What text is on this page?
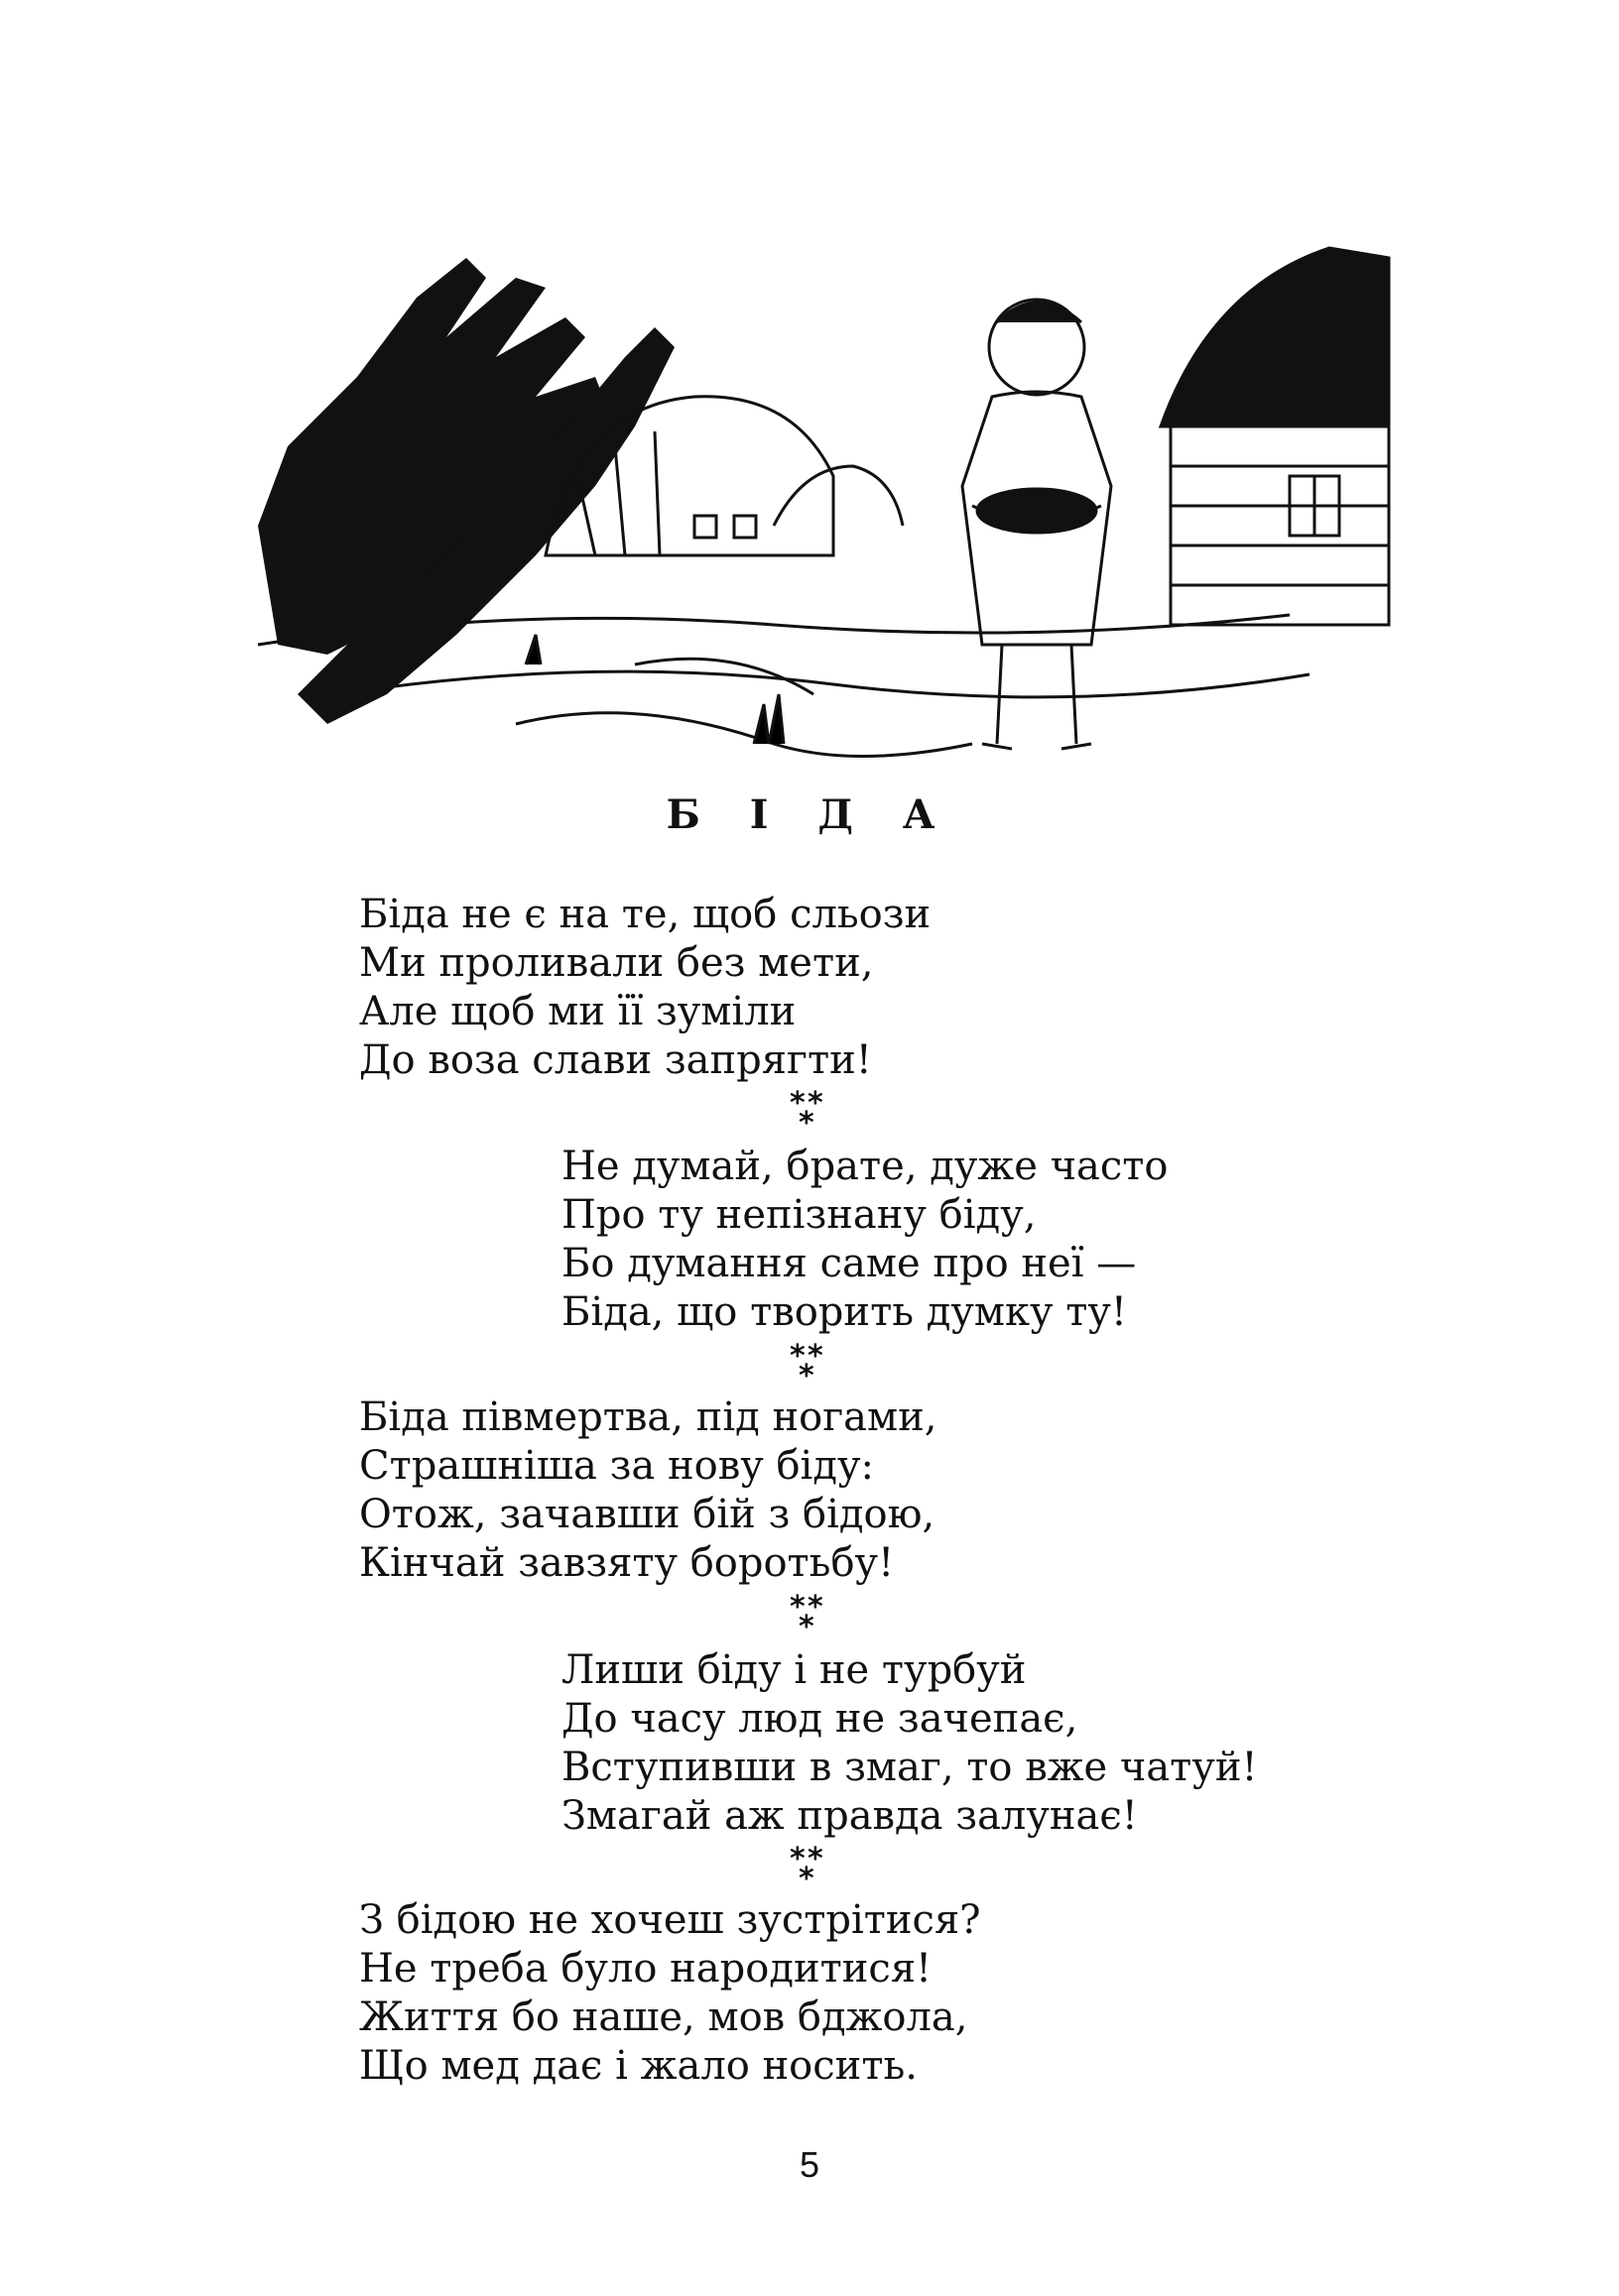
Б І Д А
Біда не є на те, щоб сльози
Ми проливали без мети,
Але щоб ми її зуміли
До воза слави запрягти!
* *
*
Не думай, брате, дуже часто
Про ту непізнану біду,
Бо думання саме про неї —
Біда, що творить думку ту!
* *
*
Біда півмертва, під ногами,
Страшніша за нову біду:
Отож, зачавши бій з бідою,
Кінчай завзяту боротьбу!
* *
*
Лиши біду і не турбуй
До часу люд не зачепає,
Вступивши в змаг, то вже чатуй!
Змагай аж правда залунає!
* *
*
З бідою не хочеш зустрітися?
Не треба було народитися!
Життя бо наше, мов бджола,
Що мед дає і жало носить.
5
